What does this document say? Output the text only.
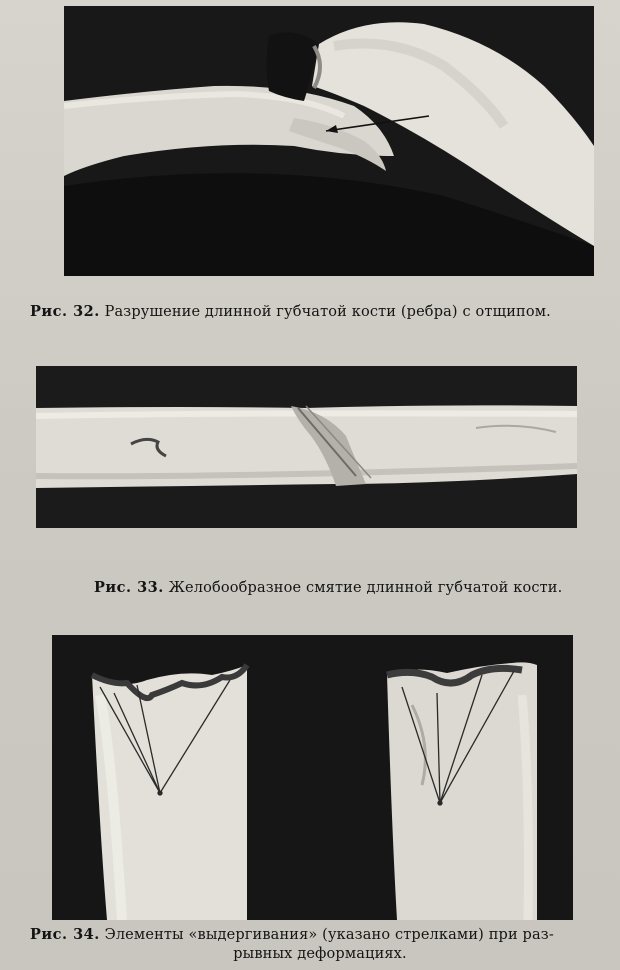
Рис. 32. Разрушение длинной губчатой кости (ребра) с отщипом.
Рис. 33. Желобообразное смятие длинной губчатой кости.
Рис. 34. Элементы «выдергивания» (указано стрелками) при раз-
рывных деформациях.
